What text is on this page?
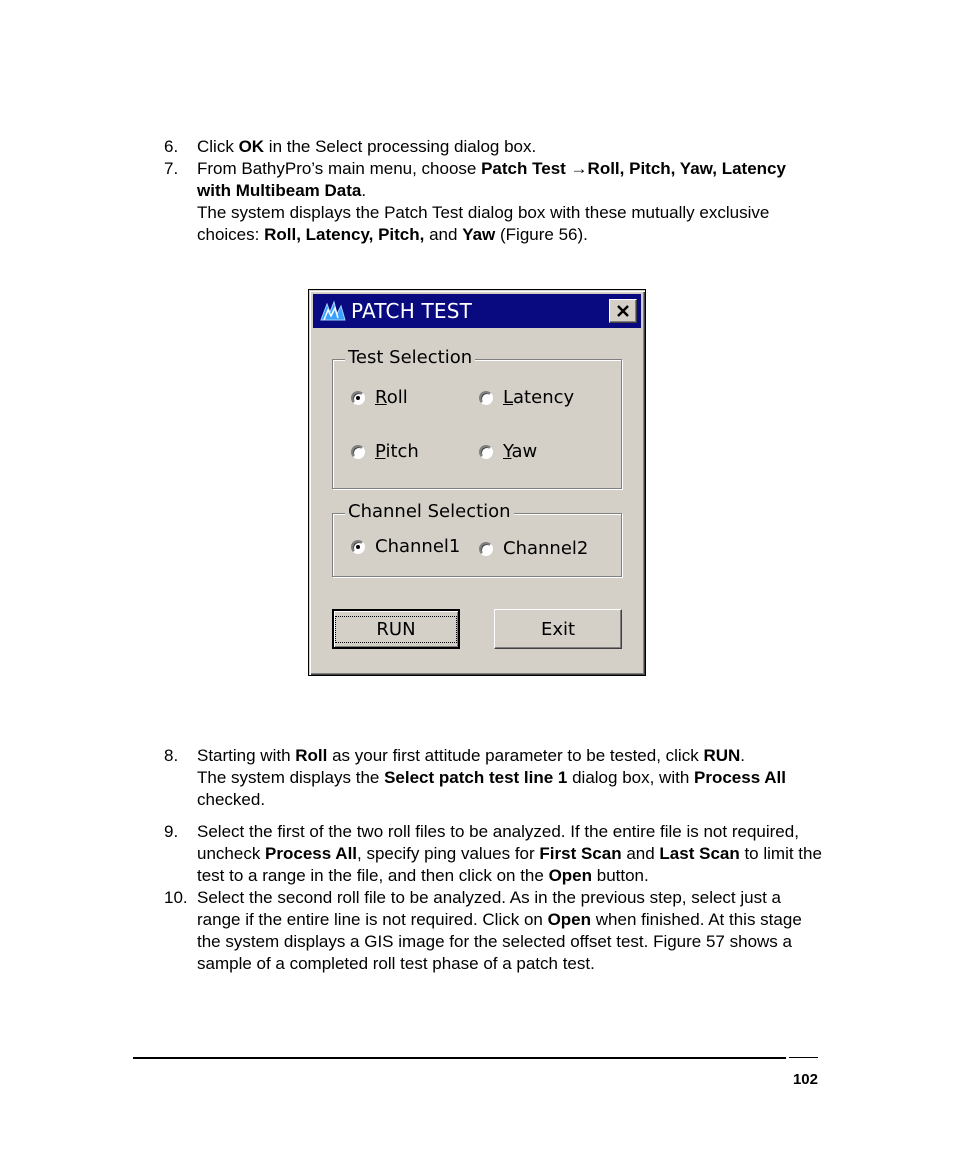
6. Click OK in the Select processing dialog box.
7. From BathyPro’s main menu, choose Patch Test →Roll, Pitch, Yaw, Latency with Multibeam Data.
The system displays the Patch Test dialog box with these mutually exclusive choices: Roll, Latency, Pitch, and Yaw (Figure 56).
PATCH TEST
Test Selection
Roll	Latency
Pitch	Yaw
Channel Selection
Channel1 Channel2
RUN	Exit
8. Starting with Roll as your first attitude parameter to be tested, click RUN.
The system displays the Select patch test line 1 dialog box, with Process All checked.
9. Select the first of the two roll files to be analyzed. If the entire file is not required, uncheck Process All, specify ping values for First Scan and Last Scan to limit the test to a range in the file, and then click on the Open button.
10. Select the second roll file to be analyzed. As in the previous step, select just a range if the entire line is not required. Click on Open when finished. At this stage the system displays a GIS image for the selected offset test. Figure 57 shows a sample of a completed roll test phase of a patch test.
102
